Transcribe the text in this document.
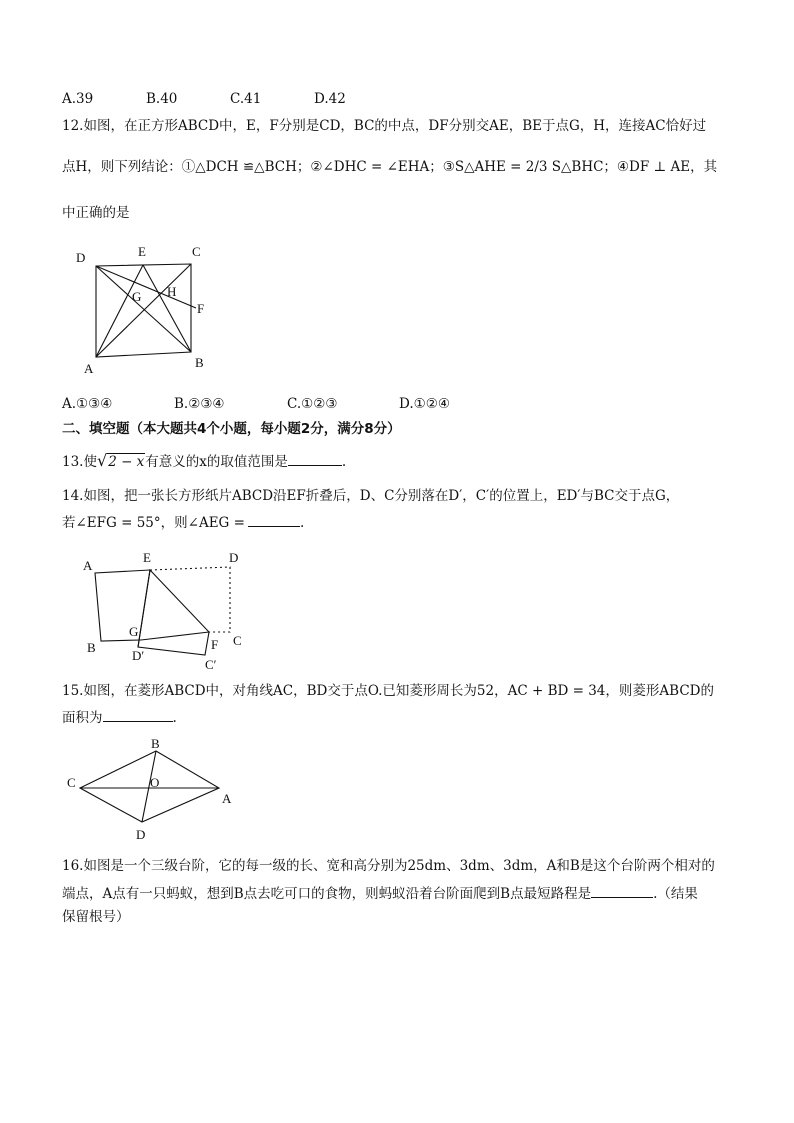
A.39	B.40	C.41	D.42
12.如图，在正方形ABCD中，E，F分别是CD，BC的中点，DF分别交AE，BE于点G，H，连接AC恰好过
点H，则下列结论：①△DCH ≌△BCH；②∠DHC = ∠EHA；③S△AHE = 2/3 S△BHC；④DF ⊥ AE，其
中正确的是
D	E	C
G H
F
A	B
A.①③④	B.②③④	C.①②③	D.①②④
二、填空题（本大题共4个小题，每小题2分，满分8分）
13.使√2 − x有意义的x的取值范围是	.
14.如图，把一张长方形纸片ABCD沿EF折叠后，D、C分别落在D′，C′的位置上，ED′与BC交于点G，
若∠EFG = 55°，则∠AEG =	.
A
E	D
B
G
C
F
D′
C′
15.如图，在菱形ABCD中，对角线AC，BD交于点O.已知菱形周长为52，AC + BD = 34，则菱形ABCD的
面积为	.
B
C	O
A
D
16.如图是一个三级台阶，它的每一级的长、宽和高分别为25dm、3dm、3dm，A和B是这个台阶两个相对的
端点，A点有一只蚂蚁，想到B点去吃可口的食物，则蚂蚁沿着台阶面爬到B点最短路程是	.（结果
保留根号）
